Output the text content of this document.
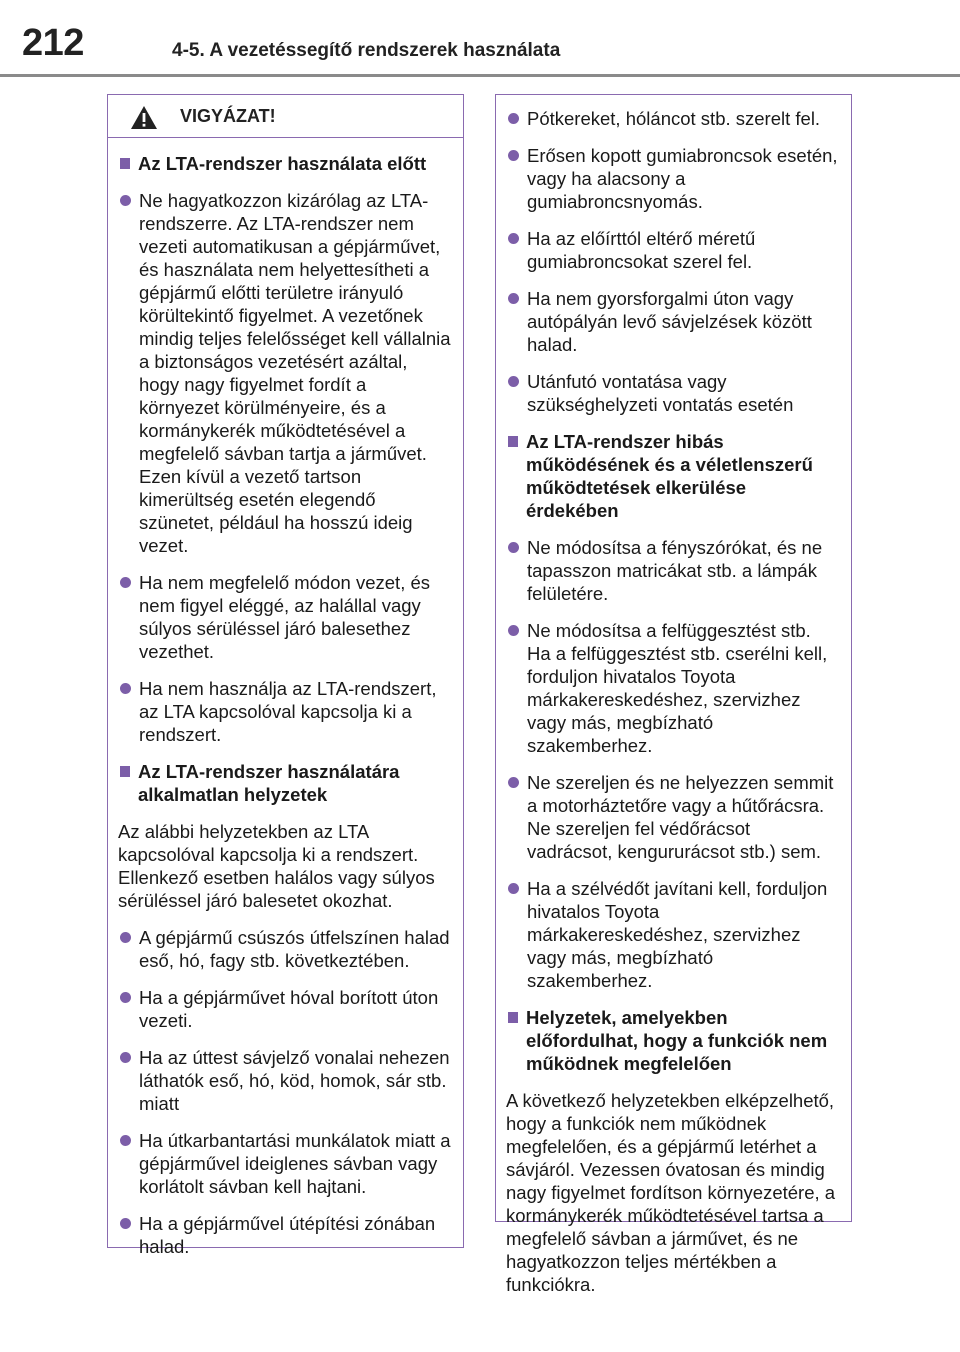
212	4-5. A vezetéssegítő rendszerek használata
VIGYÁZAT!
Az LTA-rendszer használata előtt
Ne hagyatkozzon kizárólag az LTA-rendszerre. Az LTA-rendszer nem vezeti automatikusan a gépjárművet, és használata nem helyettesítheti a gépjármű előtti területre irányuló körültekintő figyelmet. A vezetőnek mindig teljes felelősséget kell vállalnia a biztonságos vezetésért azáltal, hogy nagy figyelmet fordít a környezet körülményeire, és a kormánykerék működtetésével a megfelelő sávban tartja a járművet. Ezen kívül a vezető tartson kimerültség esetén elegendő szünetet, például ha hosszú ideig vezet.
Ha nem megfelelő módon vezet, és nem figyel eléggé, az halállal vagy súlyos sérüléssel járó balesethez vezethet.
Ha nem használja az LTA-rendszert, az LTA kapcsolóval kapcsolja ki a rendszert.
Az LTA-rendszer használatára alkalmatlan helyzetek
Az alábbi helyzetekben az LTA kapcsolóval kapcsolja ki a rendszert. Ellenkező esetben halálos vagy súlyos sérüléssel járó balesetet okozhat.
A gépjármű csúszós útfelszínen halad eső, hó, fagy stb. következtében.
Ha a gépjárművet hóval borított úton vezeti.
Ha az úttest sávjelző vonalai nehezen láthatók eső, hó, köd, homok, sár stb. miatt
Ha útkarbantartási munkálatok miatt a gépjárművel ideiglenes sávban vagy korlátolt sávban kell hajtani.
Ha a gépjárművel útépítési zónában halad.
Pótkereket, hóláncot stb. szerelt fel.
Erősen kopott gumiabroncsok esetén, vagy ha alacsony a gumiabroncsnyomás.
Ha az előírttól eltérő méretű gumiabroncsokat szerel fel.
Ha nem gyorsforgalmi úton vagy autópályán levő sávjelzések között halad.
Utánfutó vontatása vagy szükséghelyzeti vontatás esetén
Az LTA-rendszer hibás működésének és a véletlenszerű működtetések elkerülése érdekében
Ne módosítsa a fényszórókat, és ne tapasszon matricákat stb. a lámpák felületére.
Ne módosítsa a felfüggesztést stb. Ha a felfüggesztést stb. cserélni kell, forduljon hivatalos Toyota márkakereskedéshez, szervizhez vagy más, megbízható szakemberhez.
Ne szereljen és ne helyezzen semmit a motorháztetőre vagy a hűtőrácsra. Ne szereljen fel védőrácsot vadrácsot, kengururácsot stb.) sem.
Ha a szélvédőt javítani kell, forduljon hivatalos Toyota márkakereskedéshez, szervizhez vagy más, megbízható szakemberhez.
Helyzetek, amelyekben előfordulhat, hogy a funkciók nem működnek megfelelően
A következő helyzetekben elképzelhető, hogy a funkciók nem működnek megfelelően, és a gépjármű letérhet a sávjáról. Vezessen óvatosan és mindig nagy figyelmet fordítson környezetére, a kormánykerék működtetésével tartsa a megfelelő sávban a járművet, és ne hagyatkozzon teljes mértékben a funkciókra.
